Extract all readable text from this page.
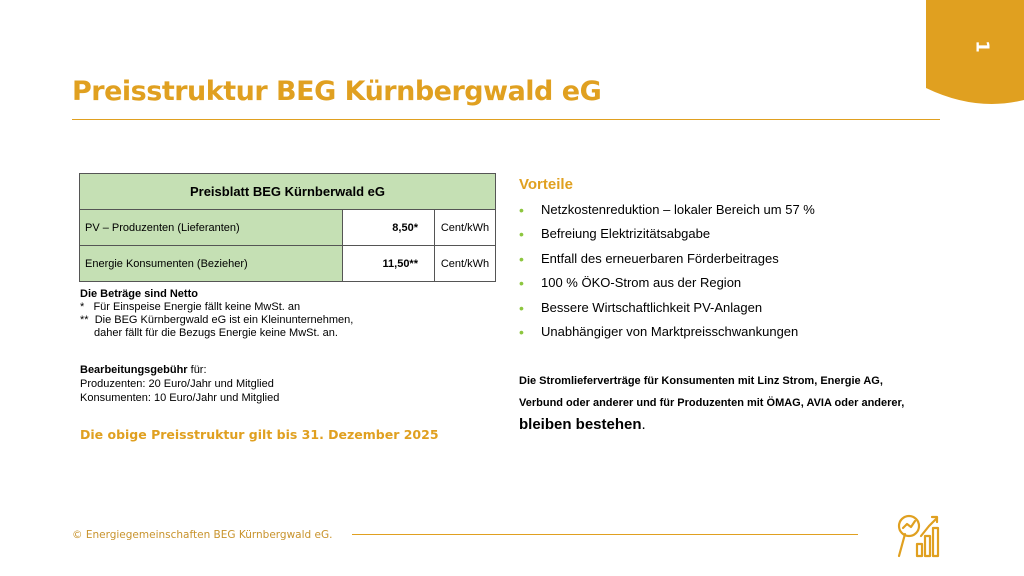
1
Preisstruktur BEG Kürnbergwald eG
Preisblatt BEG Kürnberwald eG		
PV – Produzenten (Lieferanten)	8,50*	Cent/kWh
Energie Konsumenten (Bezieher)	11,50**	Cent/kWh
Die Beträge sind Netto
* Für Einspeise Energie fällt keine MwSt. an
** Die BEG Kürnbergwald eG ist ein Kleinunternehmen,
daher fällt für die Bezugs Energie keine MwSt. an.
Bearbeitungsgebühr für:
Produzenten: 20 Euro/Jahr und Mitglied
Konsumenten: 10 Euro/Jahr und Mitglied
Die obige Preisstruktur gilt bis 31. Dezember 2025
Vorteile
• Netzkostenreduktion – lokaler Bereich um 57 %
• Befreiung Elektrizitätsabgabe
• Entfall des erneuerbaren Förderbeitrages
• 100 % ÖKO-Strom aus der Region
• Bessere Wirtschaftlichkeit PV-Anlagen
• Unabhängiger von Marktpreisschwankungen
Die Stromlieferverträge für Konsumenten mit Linz Strom, Energie AG,
Verbund oder anderer und für Produzenten mit ÖMAG, AVIA oder anderer,
bleiben bestehen.
© Energiegemeinschaften BEG Kürnbergwald eG.
